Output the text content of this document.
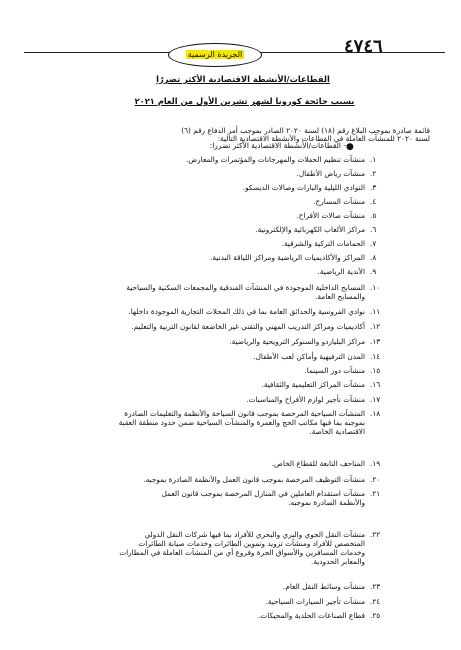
٤٧٤٦
الجريدة الرسمية
القطاعات/الأنشطة الاقتصادية الأكثر تضررًا
بسبب جائحة كورونا لشهر تشرين الأول من العام ٢٠٢١
قائمة صادرة بموجب البلاغ رقم (١٨) لسنة ٢٠٢٠ الصادر بموجب أمر الدفاع رقم (٦)
لسنة ٢٠٢٠ للمنشآت العاملة في القطاعات والأنشطة الاقتصادية التالية:
●
- القطاعات/الأنشطة الاقتصادية الأكثر تضررا:
.١
منشآت تنظيم الحفلات والمهرجانات والمؤتمرات والمعارض.
.٢
منشآت رياض الأطفال.
.٣
النوادي الليلية والبارات وصالات الديسكو.
.٤
منشآت المسارح.
.٥
منشآت صالات الأفراح.
.٦
مراكز الألعاب الكهربائية والإلكترونية.
.٧
الحمامات التركية والشرقية.
.٨
المراكز والأكاديميات الرياضية ومراكز اللياقة البدنية.
.٩
الأندية الرياضية.
.١٠
المسابح الداخلية الموجودة في المنشآت الفندقية والمجمعات السكنية والسياحية
والمسابح العامة.
.١١
نوادي الفروسية والحدائق العامة بما في ذلك المحلات التجارية الموجودة داخلها.
.١٢
أكاديميات ومراكز التدريب المهني والتقني غير الخاضعة لقانون التربية والتعليم.
.١٣
مراكز البلياردو والسنوكر الترويحية والرياضية.
.١٤
المدن الترفيهية وأماكن لعب الأطفال.
.١٥
منشآت دور السينما.
.١٦
منشآت المراكز التعليمية والثقافية.
.١٧
منشآت تأجير لوازم الأفراح والمناسبات.
.١٨
المنشآت السياحية المرخصة بموجب قانون السياحة والأنظمة والتعليمات الصادرة
بموجبه بما فيها مكاتب الحج والعمرة والمنشآت السياحية ضمن حدود منطقة العقبة
الاقتصادية الخاصة.
.١٩
المتاحف التابعة للقطاع الخاص.
.٢٠
منشآت التوظيف المرخصة بموجب قانون العمل والأنظمة الصادرة بموجبه.
.٢١
منشآت استقدام العاملين في المنازل المرخصة بموجب قانون العمل
والأنظمة الصادرة بموجبه.
.٢٢
منشآت النقل الجوي والبري والبحري للأفراد بما فيها شركات النقل الدولي
المتخصص للأفراد ومنشآت تزويد وتموين الطائرات وخدمات صيانة الطائرات
وخدمات المسافرين والأسواق الحرة وفروع أي من المنشآت العاملة في المطارات
والمعابر الحدودية.
.٢٣
منشآت وسائط النقل العام.
.٢٤
منشآت تأجير السيارات السياحية.
.٢٥
قطاع الصناعات الجلدية والمحيكات.
